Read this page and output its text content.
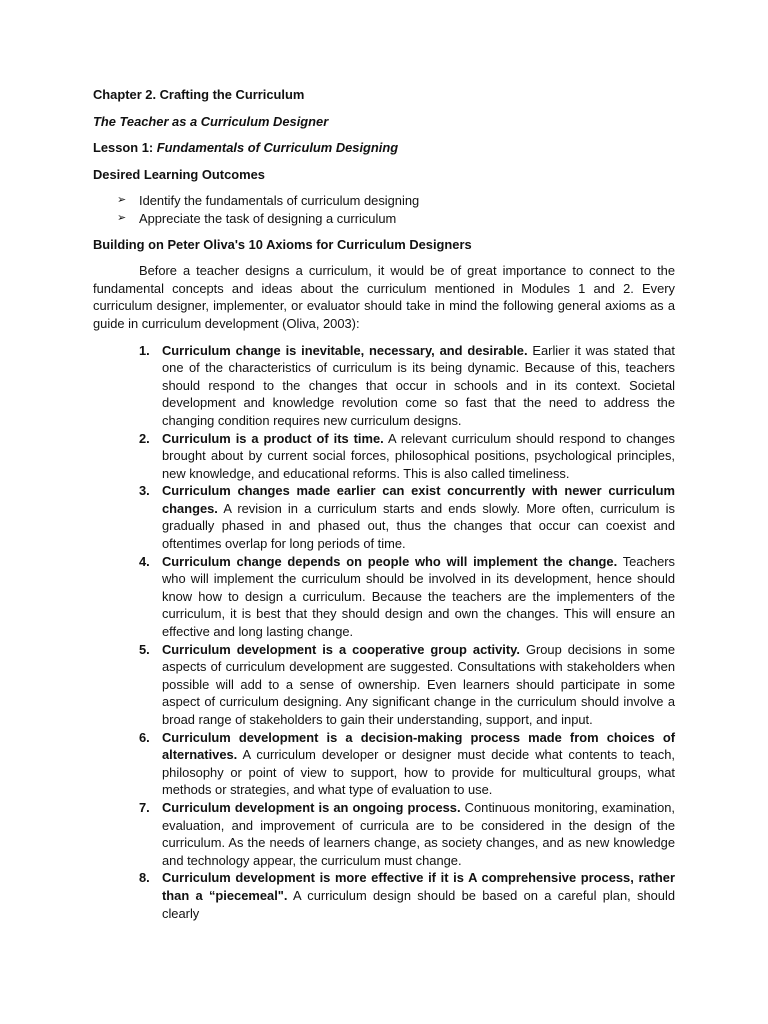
Chapter 2. Crafting the Curriculum

The Teacher as a Curriculum Designer

Lesson 1: Fundamentals of Curriculum Designing

Desired Learning Outcomes

➢ Identify the fundamentals of curriculum designing
➢ Appreciate the task of designing a curriculum

Building on Peter Oliva's 10 Axioms for Curriculum Designers

Before a teacher designs a curriculum, it would be of great importance to connect to the fundamental concepts and ideas about the curriculum mentioned in Modules 1 and 2. Every curriculum designer, implementer, or evaluator should take in mind the following general axioms as a guide in curriculum development (Oliva, 2003):

1. Curriculum change is inevitable, necessary, and desirable. Earlier it was stated that one of the characteristics of curriculum is its being dynamic. Because of this, teachers should respond to the changes that occur in schools and in its context. Societal development and knowledge revolution come so fast that the need to address the changing condition requires new curriculum designs.
2. Curriculum is a product of its time. A relevant curriculum should respond to changes brought about by current social forces, philosophical positions, psychological principles, new knowledge, and educational reforms. This is also called timeliness.
3. Curriculum changes made earlier can exist concurrently with newer curriculum changes. A revision in a curriculum starts and ends slowly. More often, curriculum is gradually phased in and phased out, thus the changes that occur can coexist and oftentimes overlap for long periods of time.
4. Curriculum change depends on people who will implement the change. Teachers who will implement the curriculum should be involved in its development, hence should know how to design a curriculum. Because the teachers are the implementers of the curriculum, it is best that they should design and own the changes. This will ensure an effective and long lasting change.
5. Curriculum development is a cooperative group activity. Group decisions in some aspects of curriculum development are suggested. Consultations with stakeholders when possible will add to a sense of ownership. Even learners should participate in some aspect of curriculum designing. Any significant change in the curriculum should involve a broad range of stakeholders to gain their understanding, support, and input.
6. Curriculum development is a decision-making process made from choices of alternatives. A curriculum developer or designer must decide what contents to teach, philosophy or point of view to support, how to provide for multicultural groups, what methods or strategies, and what type of evaluation to use.
7. Curriculum development is an ongoing process. Continuous monitoring, examination, evaluation, and improvement of curricula are to be considered in the design of the curriculum. As the needs of learners change, as society changes, and as new knowledge and technology appear, the curriculum must change.
8. Curriculum development is more effective if it is A comprehensive process, rather than a “piecemeal". A curriculum design should be based on a careful plan, should clearly
